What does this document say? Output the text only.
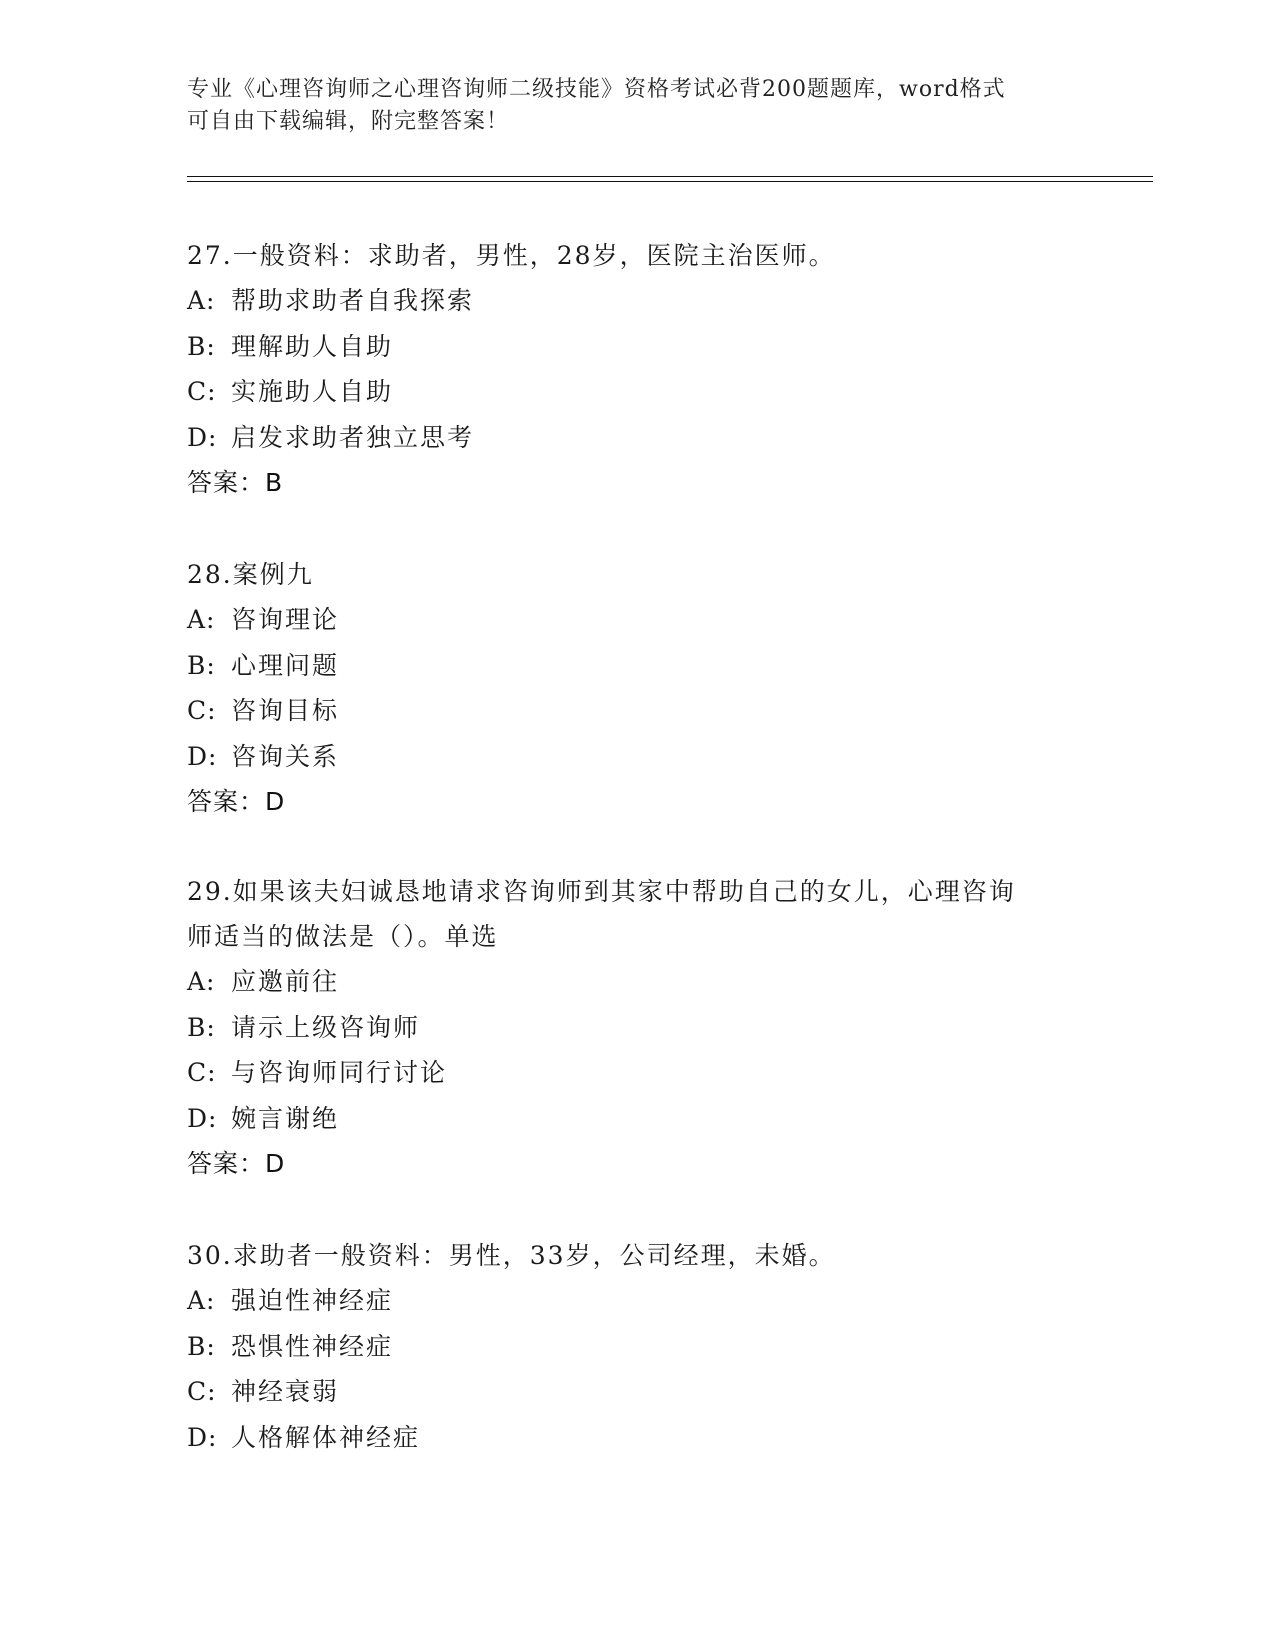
专业《心理咨询师之心理咨询师二级技能》资格考试必背200题题库，word格式
可自由下载编辑，附完整答案！
27.一般资料：求助者，男性，28岁，医院主治医师。
A: 帮助求助者自我探索
B: 理解助人自助
C: 实施助人自助
D: 启发求助者独立思考
答案：B
28.案例九
A: 咨询理论
B: 心理问题
C: 咨询目标
D: 咨询关系
答案：D
29.如果该夫妇诚恳地请求咨询师到其家中帮助自己的女儿，心理咨询
师适当的做法是（）。单选
A: 应邀前往
B: 请示上级咨询师
C: 与咨询师同行讨论
D: 婉言谢绝
答案：D
30.求助者一般资料：男性，33岁，公司经理，未婚。
A: 强迫性神经症
B: 恐惧性神经症
C: 神经衰弱
D: 人格解体神经症
